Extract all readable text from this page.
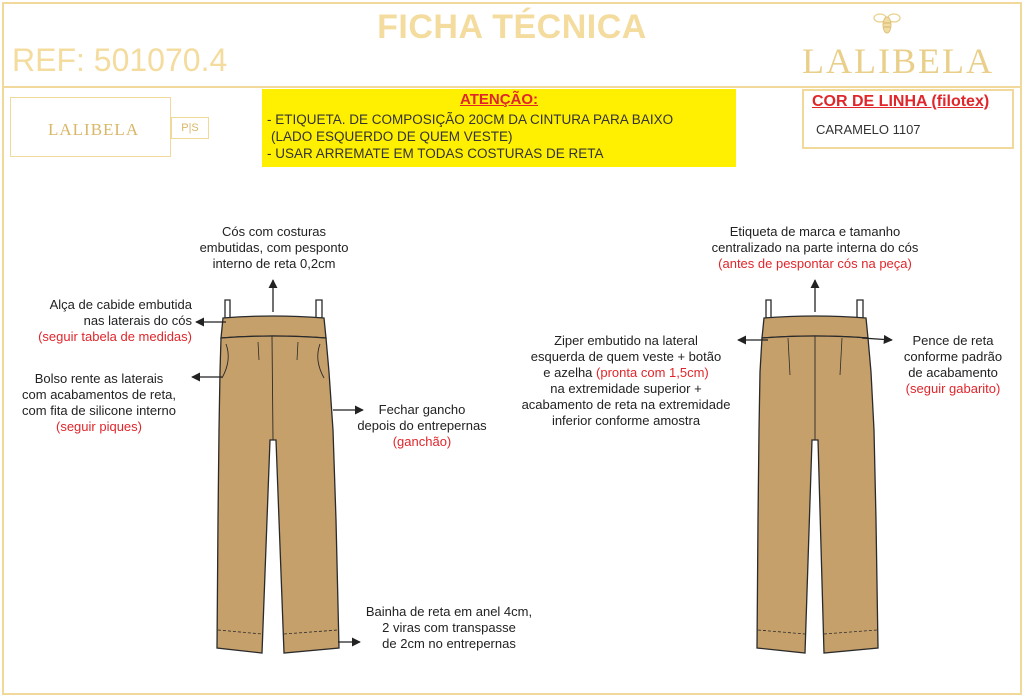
FICHA TÉCNICA
REF: 501070.4	LALIBELA
LALIBELA	P|S
ATENÇÃO:
- ETIQUETA. DE COMPOSIÇÃO 20CM DA CINTURA PARA BAIXO
(LADO ESQUERDO DE QUEM VESTE)
- USAR ARREMATE EM TODAS COSTURAS DE RETA
COR DE LINHA (filotex)
CARAMELO 1107
Cós com costuras
embutidas, com pesponto
interno de reta 0,2cm
Alça de cabide embutida
nas laterais do cós
(seguir tabela de medidas)
Bolso rente as laterais
com acabamentos de reta,
com fita de silicone interno
(seguir piques)
Fechar gancho
depois do entrepernas
(ganchão)
Bainha de reta em anel 4cm,
2 viras com transpasse
de 2cm no entrepernas
Etiqueta de marca e tamanho
centralizado na parte interna do cós
(antes de pespontar cós na peça)
Ziper embutido na lateral
esquerda de quem veste + botão
e azelha (pronta com 1,5cm)
na extremidade superior +
acabamento de reta na extremidade
inferior conforme amostra
Pence de reta
conforme padrão
de acabamento
(seguir gabarito)
